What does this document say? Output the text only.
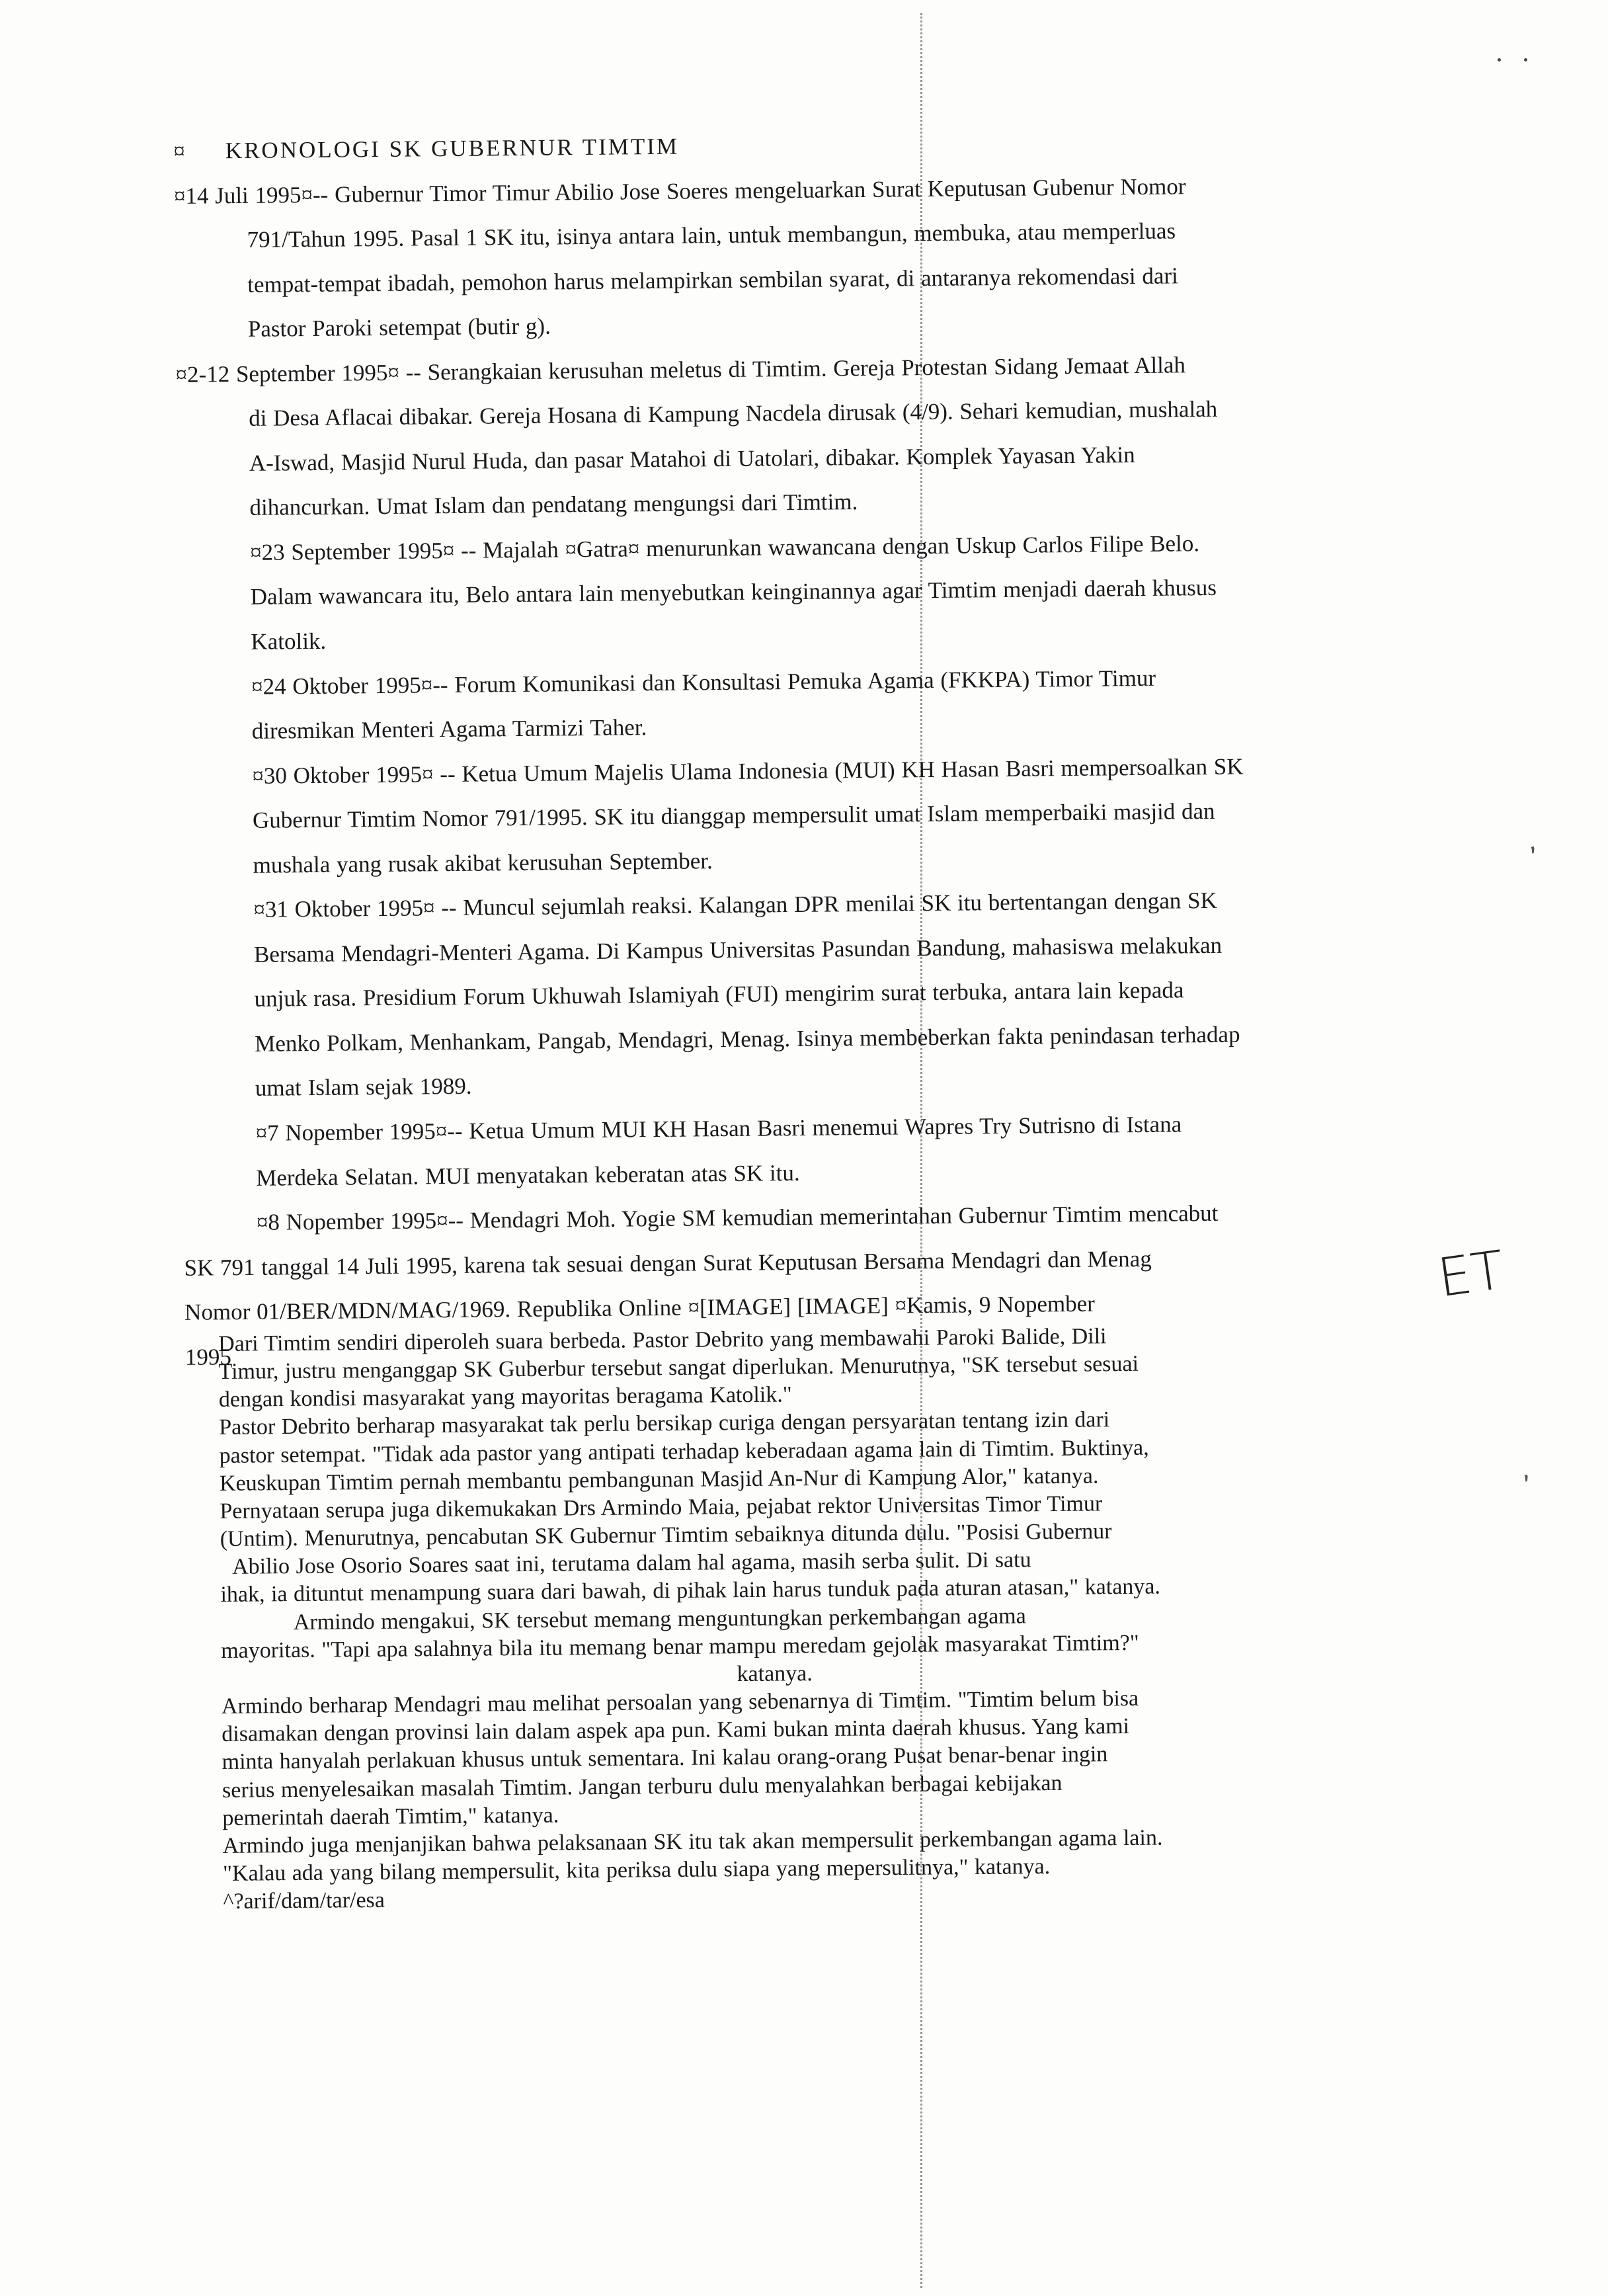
¤ KRONOLOGI SK GUBERNUR TIMTIM
¤14 Juli 1995¤-- Gubernur Timor Timur Abilio Jose Soeres mengeluarkan Surat Keputusan Gubenur Nomor
791/Tahun 1995. Pasal 1 SK itu, isinya antara lain, untuk membangun, membuka, atau memperluas
tempat-tempat ibadah, pemohon harus melampirkan sembilan syarat, di antaranya rekomendasi dari
Pastor Paroki setempat (butir g).
¤2-12 September 1995¤ -- Serangkaian kerusuhan meletus di Timtim. Gereja Protestan Sidang Jemaat Allah
di Desa Aflacai dibakar. Gereja Hosana di Kampung Nacdela dirusak (4/9). Sehari kemudian, mushalah
A-Iswad, Masjid Nurul Huda, dan pasar Matahoi di Uatolari, dibakar. Komplek Yayasan Yakin
dihancurkan. Umat Islam dan pendatang mengungsi dari Timtim.
¤23 September 1995¤ -- Majalah ¤Gatra¤ menurunkan wawancana dengan Uskup Carlos Filipe Belo.
Dalam wawancara itu, Belo antara lain menyebutkan keinginannya agar Timtim menjadi daerah khusus
Katolik.
¤24 Oktober 1995¤-- Forum Komunikasi dan Konsultasi Pemuka Agama (FKKPA) Timor Timur
diresmikan Menteri Agama Tarmizi Taher.
¤30 Oktober 1995¤ -- Ketua Umum Majelis Ulama Indonesia (MUI) KH Hasan Basri mempersoalkan SK
Gubernur Timtim Nomor 791/1995. SK itu dianggap mempersulit umat Islam memperbaiki masjid dan
mushala yang rusak akibat kerusuhan September.
¤31 Oktober 1995¤ -- Muncul sejumlah reaksi. Kalangan DPR menilai SK itu bertentangan dengan SK
Bersama Mendagri-Menteri Agama. Di Kampus Universitas Pasundan Bandung, mahasiswa melakukan
unjuk rasa. Presidium Forum Ukhuwah Islamiyah (FUI) mengirim surat terbuka, antara lain kepada
Menko Polkam, Menhankam, Pangab, Mendagri, Menag. Isinya membeberkan fakta penindasan terhadap
umat Islam sejak 1989.
¤7 Nopember 1995¤-- Ketua Umum MUI KH Hasan Basri menemui Wapres Try Sutrisno di Istana
Merdeka Selatan. MUI menyatakan keberatan atas SK itu.
¤8 Nopember 1995¤-- Mendagri Moh. Yogie SM kemudian memerintahan Gubernur Timtim mencabut
SK 791 tanggal 14 Juli 1995, karena tak sesuai dengan Surat Keputusan Bersama Mendagri dan Menag
Nomor 01/BER/MDN/MAG/1969. Republika Online ¤[IMAGE] [IMAGE] ¤Kamis, 9 Nopember
1995
ET
 , 
 , 
Dari Timtim sendiri diperoleh suara berbeda. Pastor Debrito yang membawahi Paroki Balide, Dili
Timur, justru menganggap SK Guberbur tersebut sangat diperlukan. Menurutnya, "SK tersebut sesuai
dengan kondisi masyarakat yang mayoritas beragama Katolik."
Pastor Debrito berharap masyarakat tak perlu bersikap curiga dengan persyaratan tentang izin dari
pastor setempat. "Tidak ada pastor yang antipati terhadap keberadaan agama lain di Timtim. Buktinya,
Keuskupan Timtim pernah membantu pembangunan Masjid An-Nur di Kampung Alor," katanya.
Pernyataan serupa juga dikemukakan Drs Armindo Maia, pejabat rektor Universitas Timor Timur
(Untim). Menurutnya, pencabutan SK Gubernur Timtim sebaiknya ditunda dulu. "Posisi Gubernur
Abilio Jose Osorio Soares saat ini, terutama dalam hal agama, masih serba sulit. Di satu
ihak, ia dituntut menampung suara dari bawah, di pihak lain harus tunduk pada aturan atasan," katanya.
Armindo mengakui, SK tersebut memang menguntungkan perkembangan agama
mayoritas. "Tapi apa salahnya bila itu memang benar mampu meredam gejolak masyarakat Timtim?"
katanya.
Armindo berharap Mendagri mau melihat persoalan yang sebenarnya di Timtim. "Timtim belum bisa
disamakan dengan provinsi lain dalam aspek apa pun. Kami bukan minta daerah khusus. Yang kami
minta hanyalah perlakuan khusus untuk sementara. Ini kalau orang-orang Pusat benar-benar ingin
serius menyelesaikan masalah Timtim. Jangan terburu dulu menyalahkan berbagai kebijakan
pemerintah daerah Timtim," katanya.
Armindo juga menjanjikan bahwa pelaksanaan SK itu tak akan mempersulit perkembangan agama lain.
"Kalau ada yang bilang mempersulit, kita periksa dulu siapa yang mepersulitnya," katanya.
^?arif/dam/tar/esa
